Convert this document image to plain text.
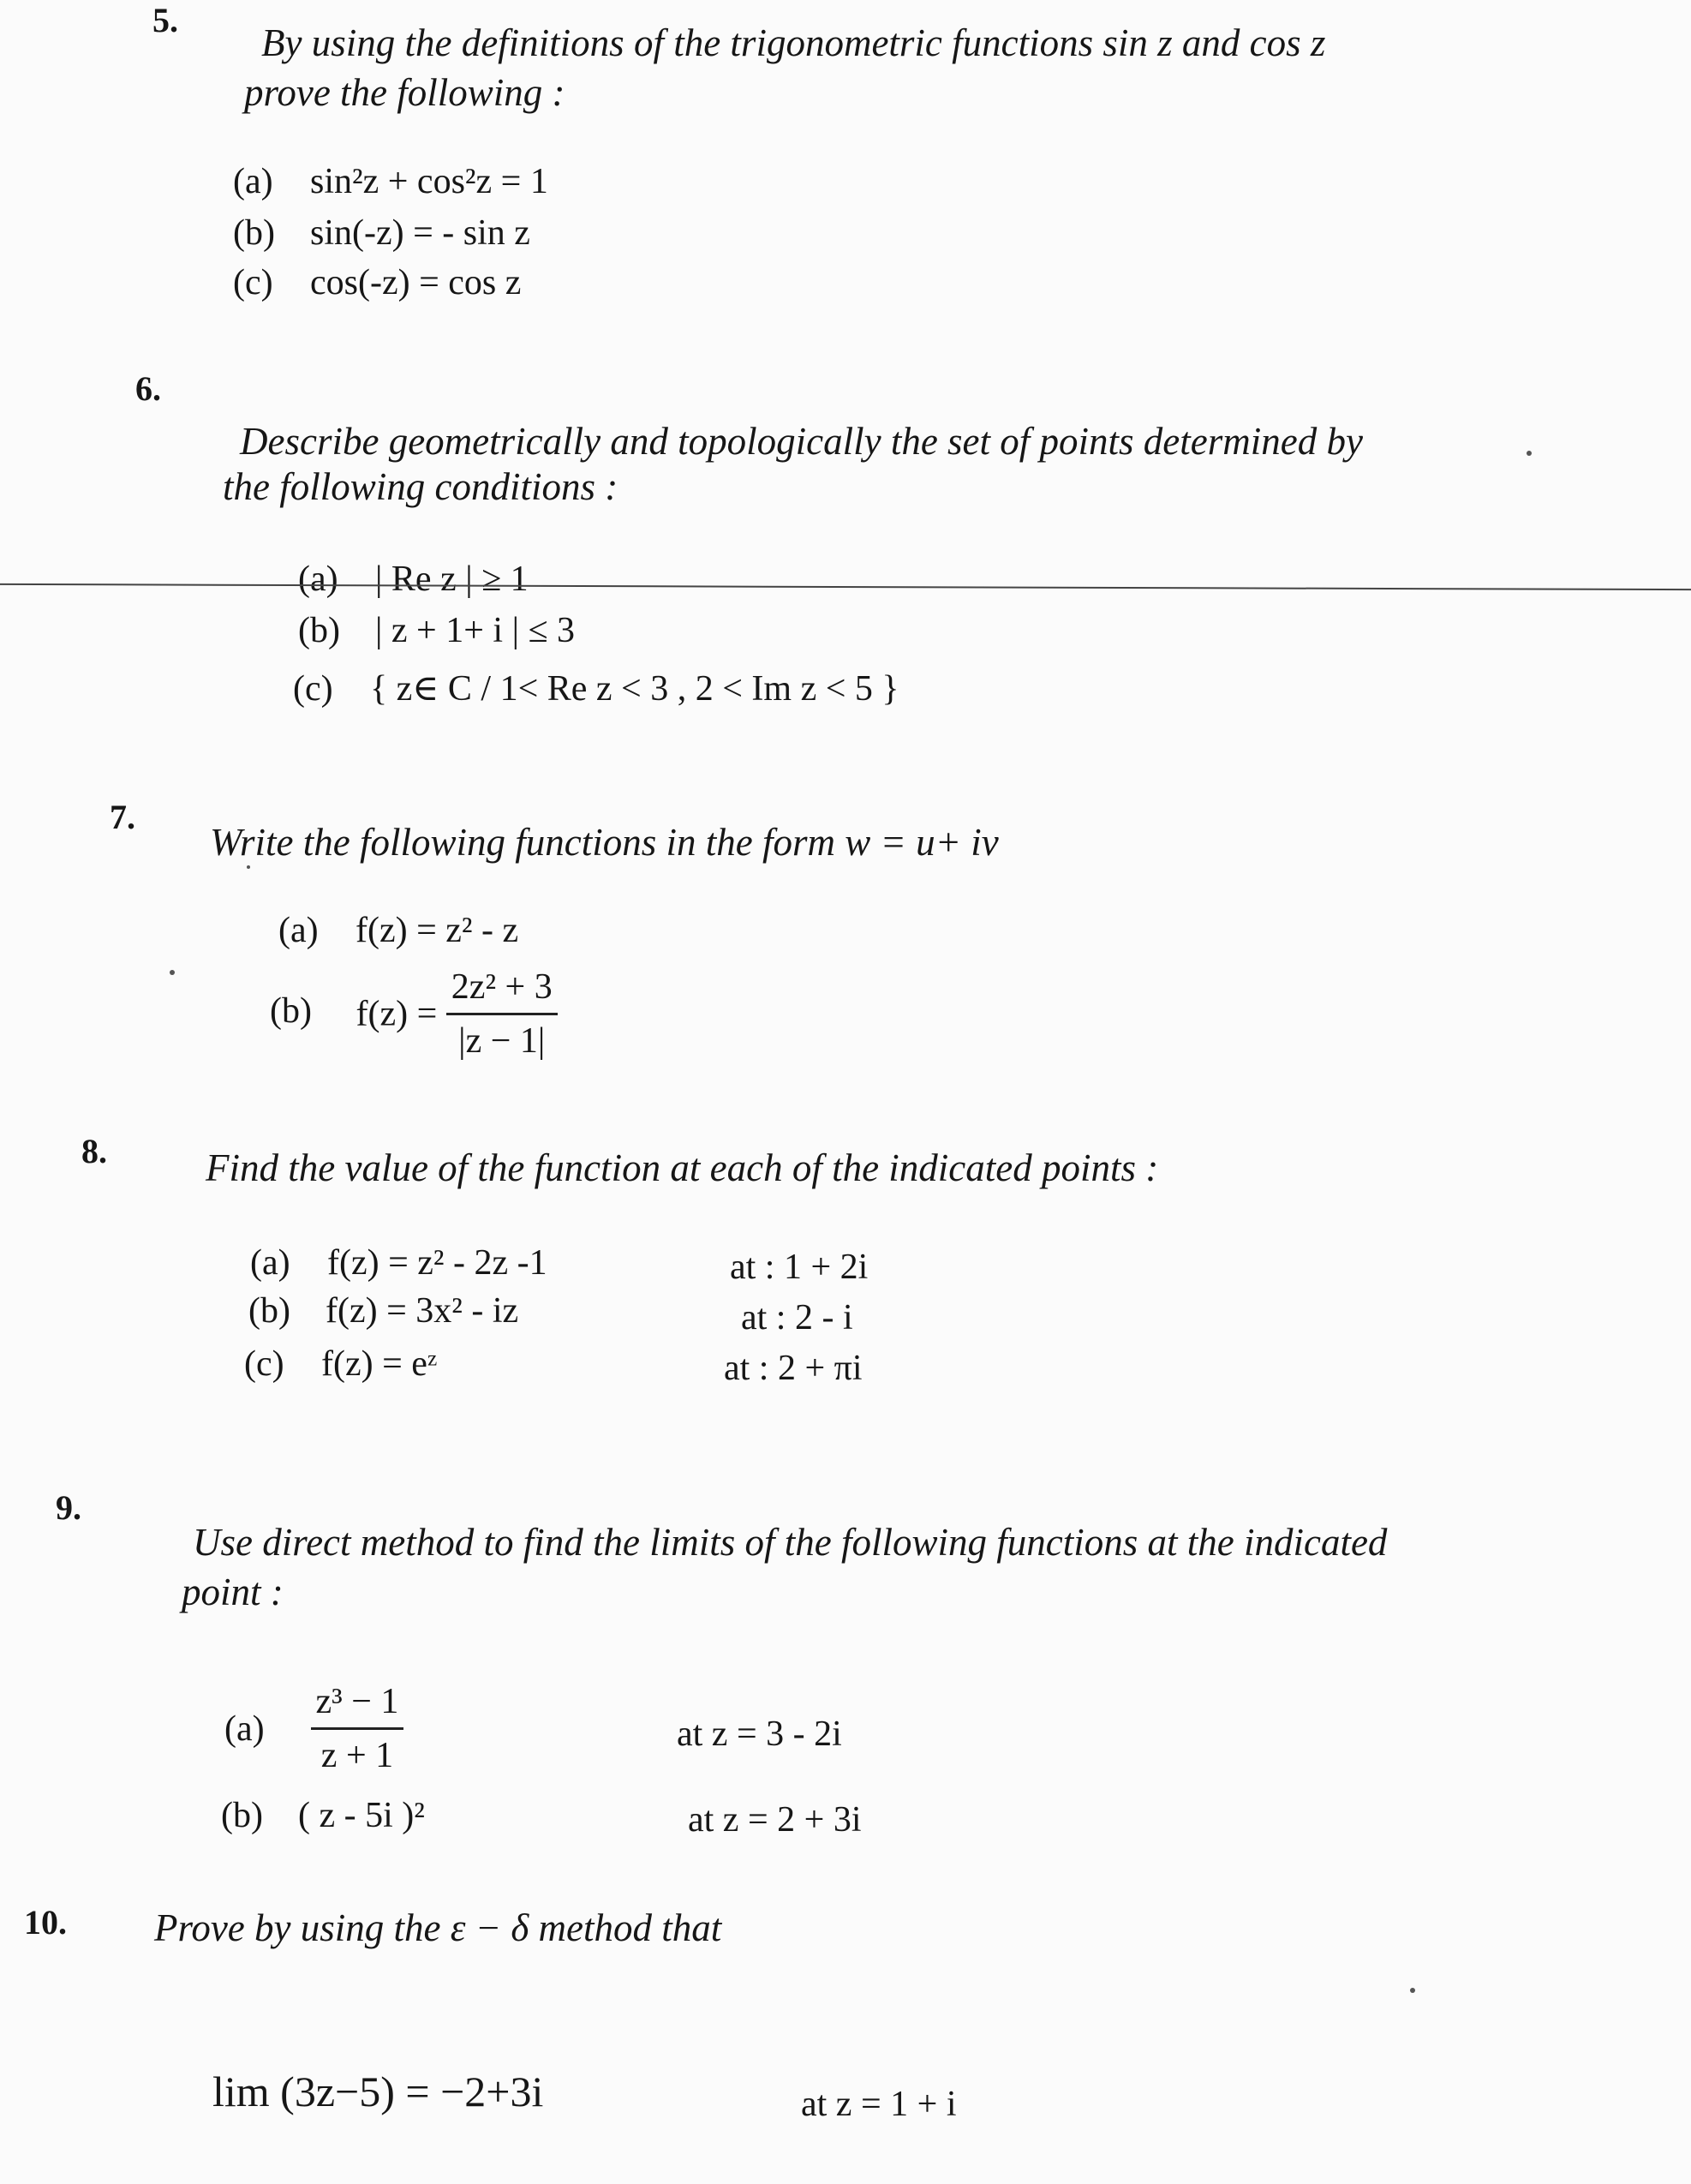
5.
By using the definitions of the trigonometric functions sin z and cos z
prove the following :
(a) sin²z + cos²z = 1
(b) sin(-z) = - sin z
(c) cos(-z) = cos z
6.
Describe geometrically and topologically the set of points determined by
the following conditions :
(a) | Re z | ≥ 1
(b) | z + 1+ i | ≤ 3
(c) { z∈ C / 1< Re z < 3 , 2 < Im z < 5 }
7.
Write the following functions in the form w = u+ iv
(a) f(z) = z² - z
(b) $f(z) = \frac{\text{2z² + 3}}{|z - 1|}$
8.	Find the value of the function at each of the indicated points :
(a) f(z) = z² - 2z -1	at : 1 + 2i
(b) f(z) = 3x² - iz	at : 2 - i
(c) f(z) = eᶻ	at : 2 + πi
9.
Use direct method to find the limits of the following functions at the indicated
point :
$(a) \frac{\text{z³ − 1}}{z + 1}$	at z = 3 - 2i
(b) ( z - 5i )²	at z = 2 + 3i
10. Prove by using the ε − δ method that
lim (3z−5) = −2+3i	at z = 1 + i
